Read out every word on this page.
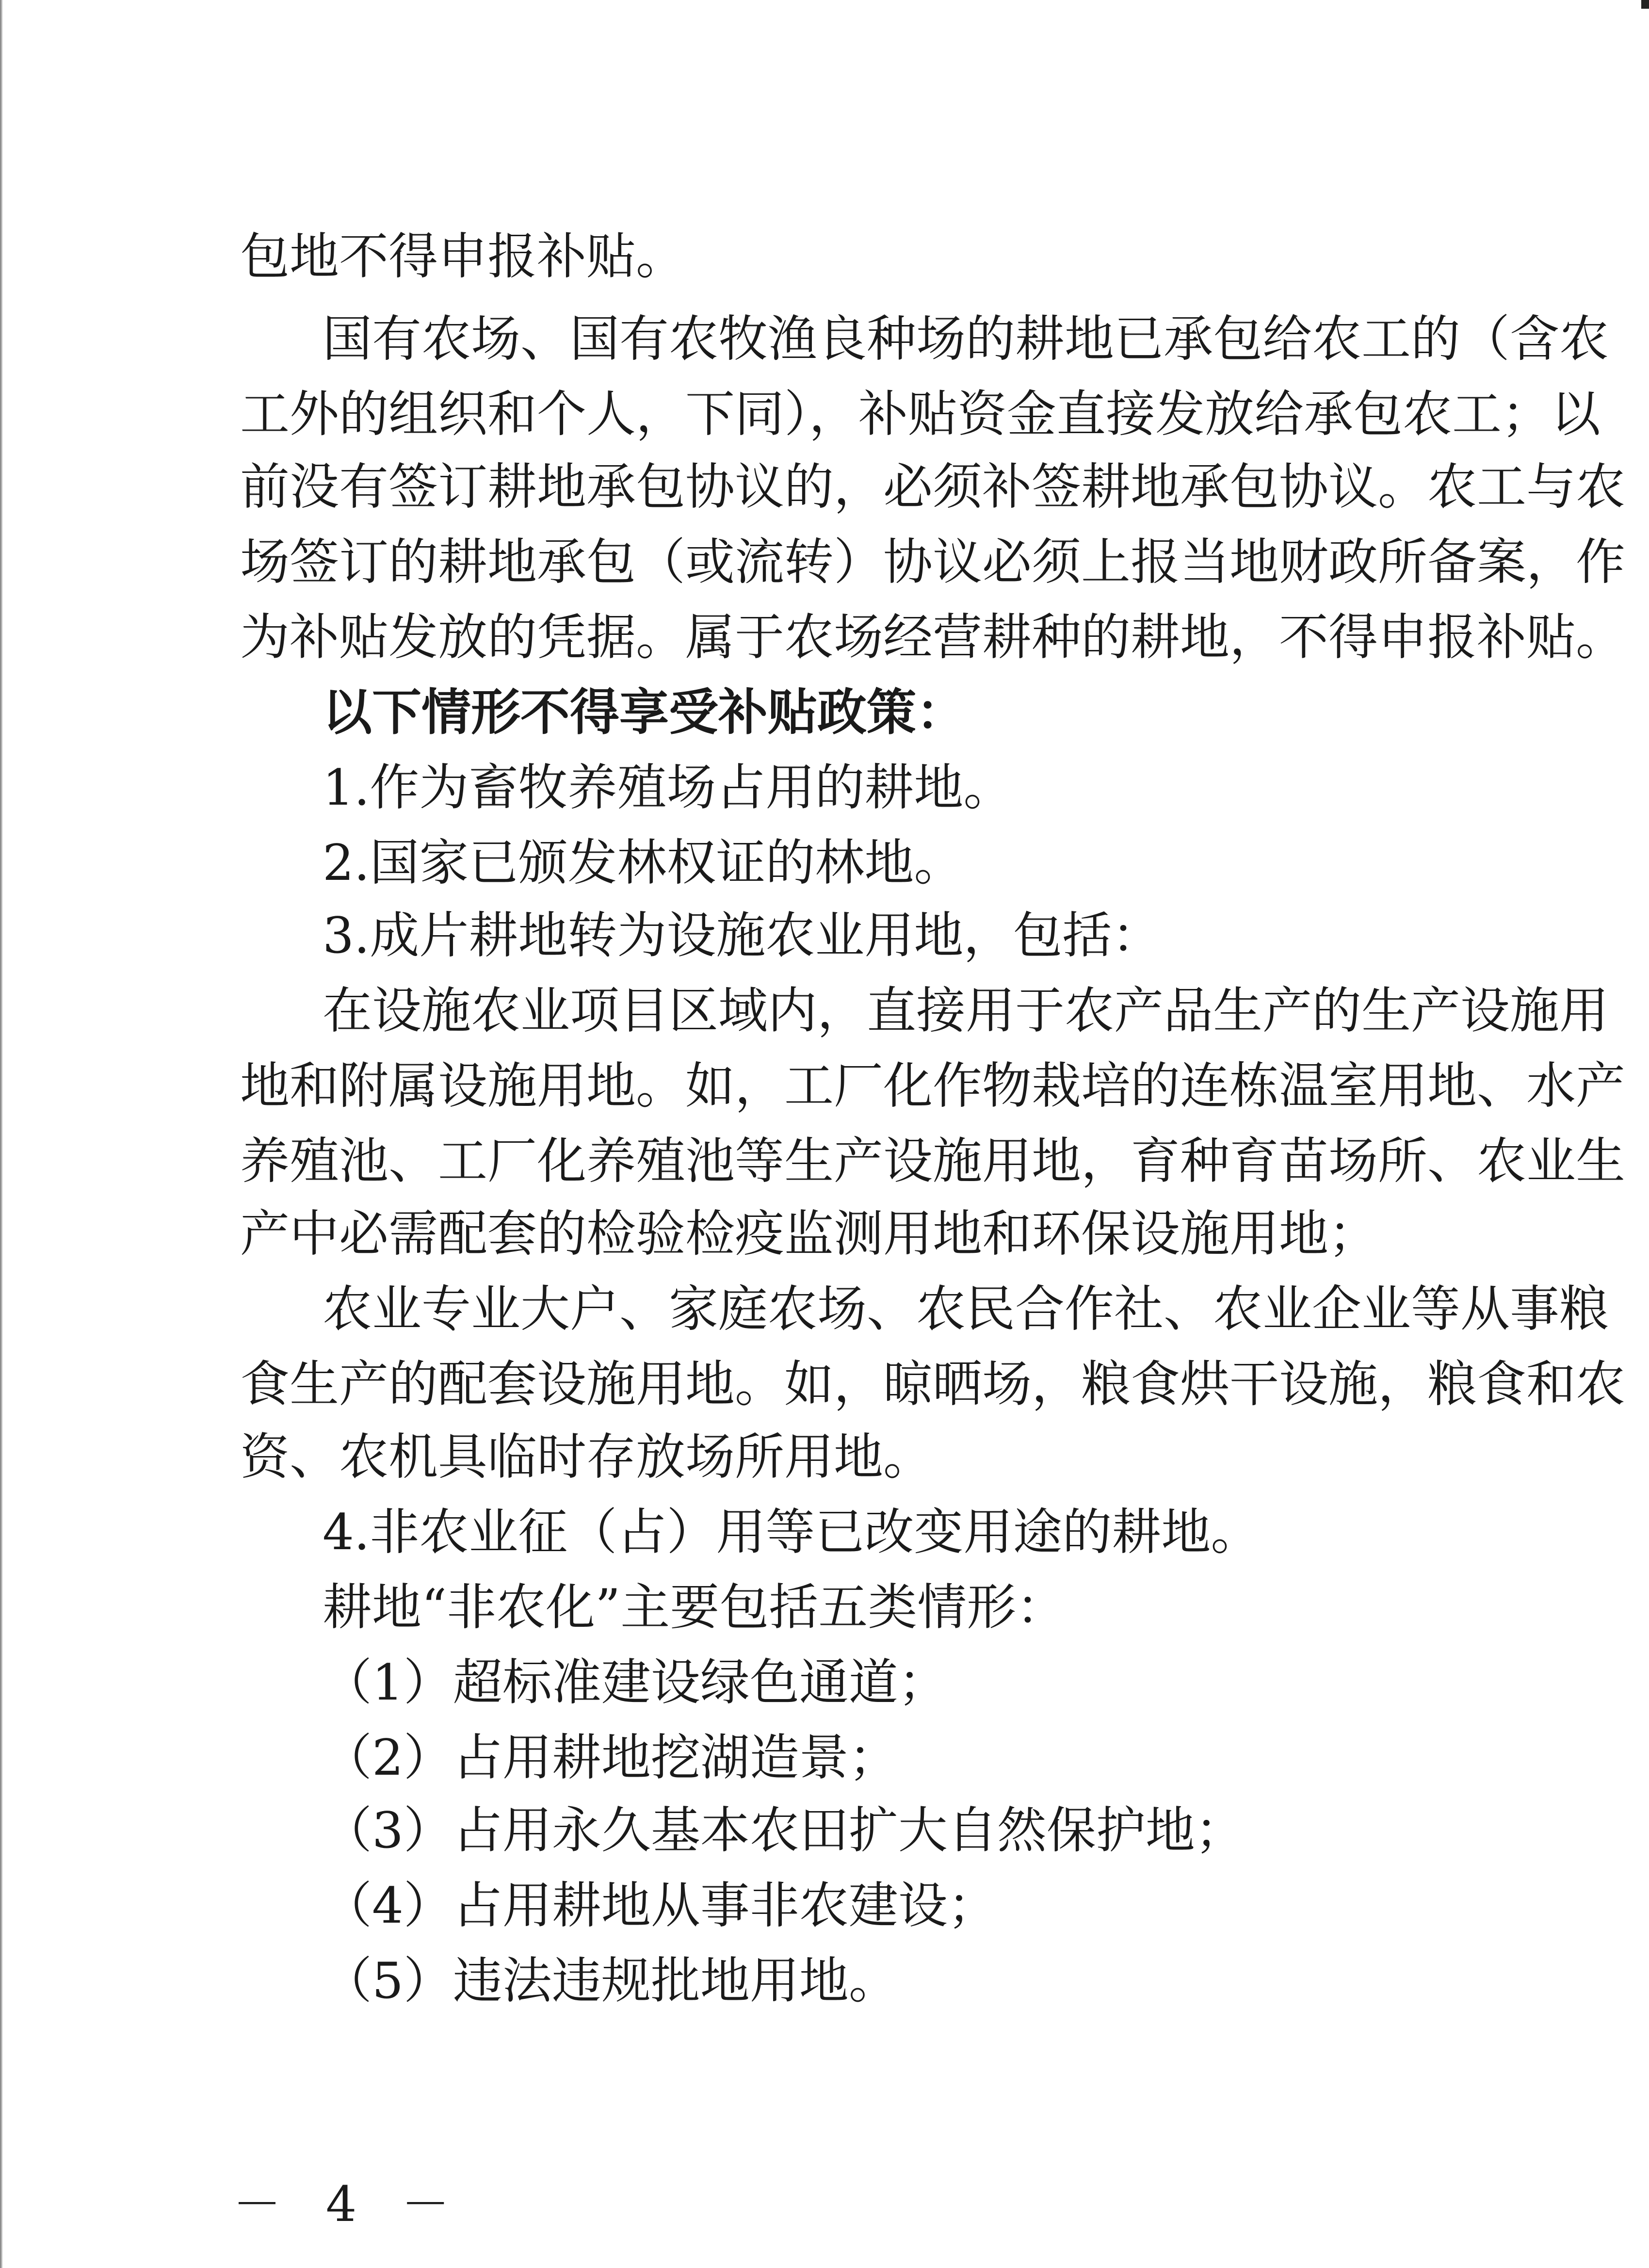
包地不得申报补贴。
国有农场、国有农牧渔良种场的耕地已承包给农工的（含农
工外的组织和个人，下同），补贴资金直接发放给承包农工；以
前没有签订耕地承包协议的，必须补签耕地承包协议。农工与农
场签订的耕地承包（或流转）协议必须上报当地财政所备案，作
为补贴发放的凭据。属于农场经营耕种的耕地，不得申报补贴。
以下情形不得享受补贴政策：
1.作为畜牧养殖场占用的耕地。
2.国家已颁发林权证的林地。
3.成片耕地转为设施农业用地，包括：
在设施农业项目区域内，直接用于农产品生产的生产设施用
地和附属设施用地。如，工厂化作物栽培的连栋温室用地、水产
养殖池、工厂化养殖池等生产设施用地，育种育苗场所、农业生
产中必需配套的检验检疫监测用地和环保设施用地；
农业专业大户、家庭农场、农民合作社、农业企业等从事粮
食生产的配套设施用地。如，晾晒场，粮食烘干设施，粮食和农
资、农机具临时存放场所用地。
4.非农业征（占）用等已改变用途的耕地。
耕地“非农化”主要包括五类情形：
（1）超标准建设绿色通道；
（2）占用耕地挖湖造景；
（3）占用永久基本农田扩大自然保护地；
（4）占用耕地从事非农建设；
（5）违法违规批地用地。
－ 4 －
